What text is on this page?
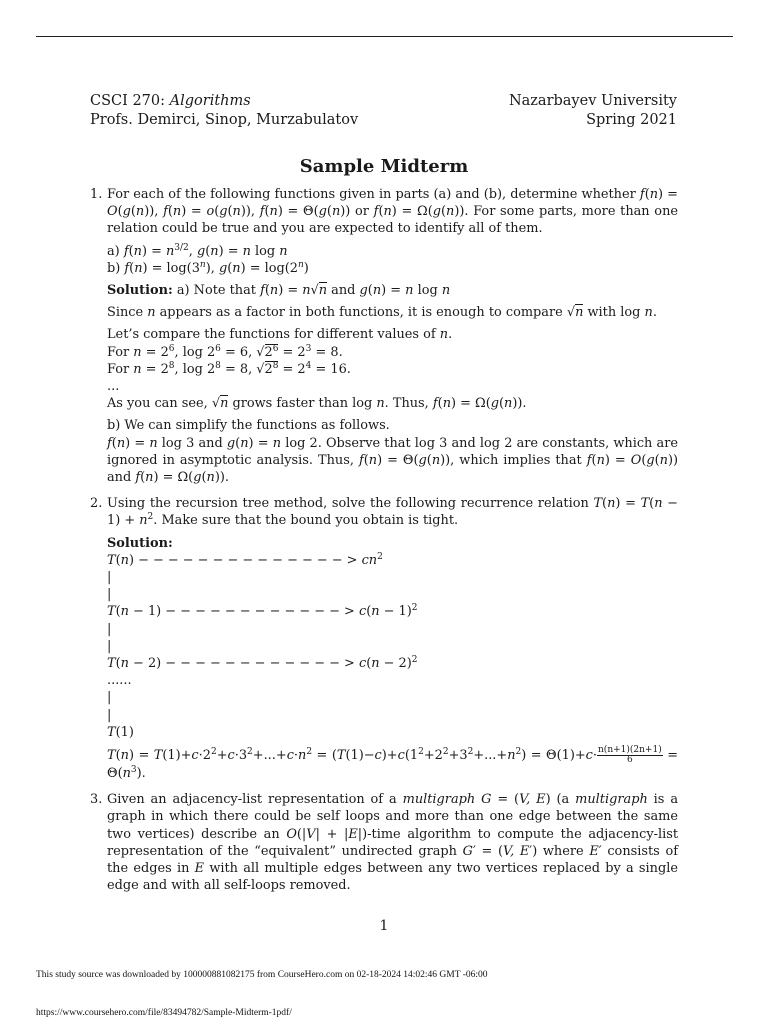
CSCI 270: Algorithms
Profs. Demirci, Sinop, Murzabulatov
Nazarbayev University
Spring 2021
Sample Midterm
1. For each of the following functions given in parts (a) and (b), determine whether f(n) = O(g(n)), f(n) = o(g(n)), f(n) = Θ(g(n)) or f(n) = Ω(g(n)). For some parts, more than one relation could be true and you are expected to identify all of them.

a) $f(n) = n^{3/2}$, g(n) = n log n

b) $f(n) = \log(3^n)$, $g(n) = \log(2^n)$

Solution: a) Note that f(n) = n√n and g(n) = n log n

Since n appears as a factor in both functions, it is enough to compare √n with log n.

Let’s compare the functions for different values of n.

For $n = 2^6$, $\log 2^6 = 6$, $√2^6 = 2^3 = 8$.

For $n = 2^8$, $\log 2^8 = 8$, $√2^8 = 2^4 = 16$.

...

As you can see, √n grows faster than log n. Thus, f(n) = Ω(g(n)).

b) We can simplify the functions as follows.

f(n) = n log 3 and g(n) = n log 2. Observe that log 3 and log 2 are constants, which are ignored in asymptotic analysis. Thus, f(n) = Θ(g(n)), which implies that f(n) = O(g(n)) and f(n) = Ω(g(n)).

2. Using the recursion tree method, solve the following recurrence relation $T(n) = T(n - 1) + n^2$. Make sure that the bound you obtain is tight.

Solution:

T(n) − − − − − − − − − − − − − − > $cn^2$

|

|

T(n − 1) − − − − − − − − − − − − > $c(n - 1)^2$

|

|

T(n − 2) − − − − − − − − − − − − > $c(n - 2)^2$

......

|

|

T(1)

$T(n) = T(1)+c\cdot 2^2+c\cdot 3^2+...+c\cdot n^2 = (T(1)-c)+c(1^2+2^2+3^2+...+n^2) = \Theta(1)+c\cdot \frac{n(n+1)(2n+1)}{6} = \Theta(n^3)$.

3. Given an adjacency-list representation of a multigraph G = (V, E) (a multigraph is a graph in which there could be self loops and more than one edge between the same two vertices) describe an O(|V| + |E|)-time algorithm to compute the adjacency-list representation of the “equivalent” undirected graph G′ = (V, E′) where E′ consists of the edges in E with all multiple edges between any two vertices replaced by a single edge and with all self-loops removed.

1
This study source was downloaded by 100000881082175 from CourseHero.com on 02-18-2024 14:02:46 GMT -06:00
https://www.coursehero.com/file/83494782/Sample-Midterm-1pdf/
